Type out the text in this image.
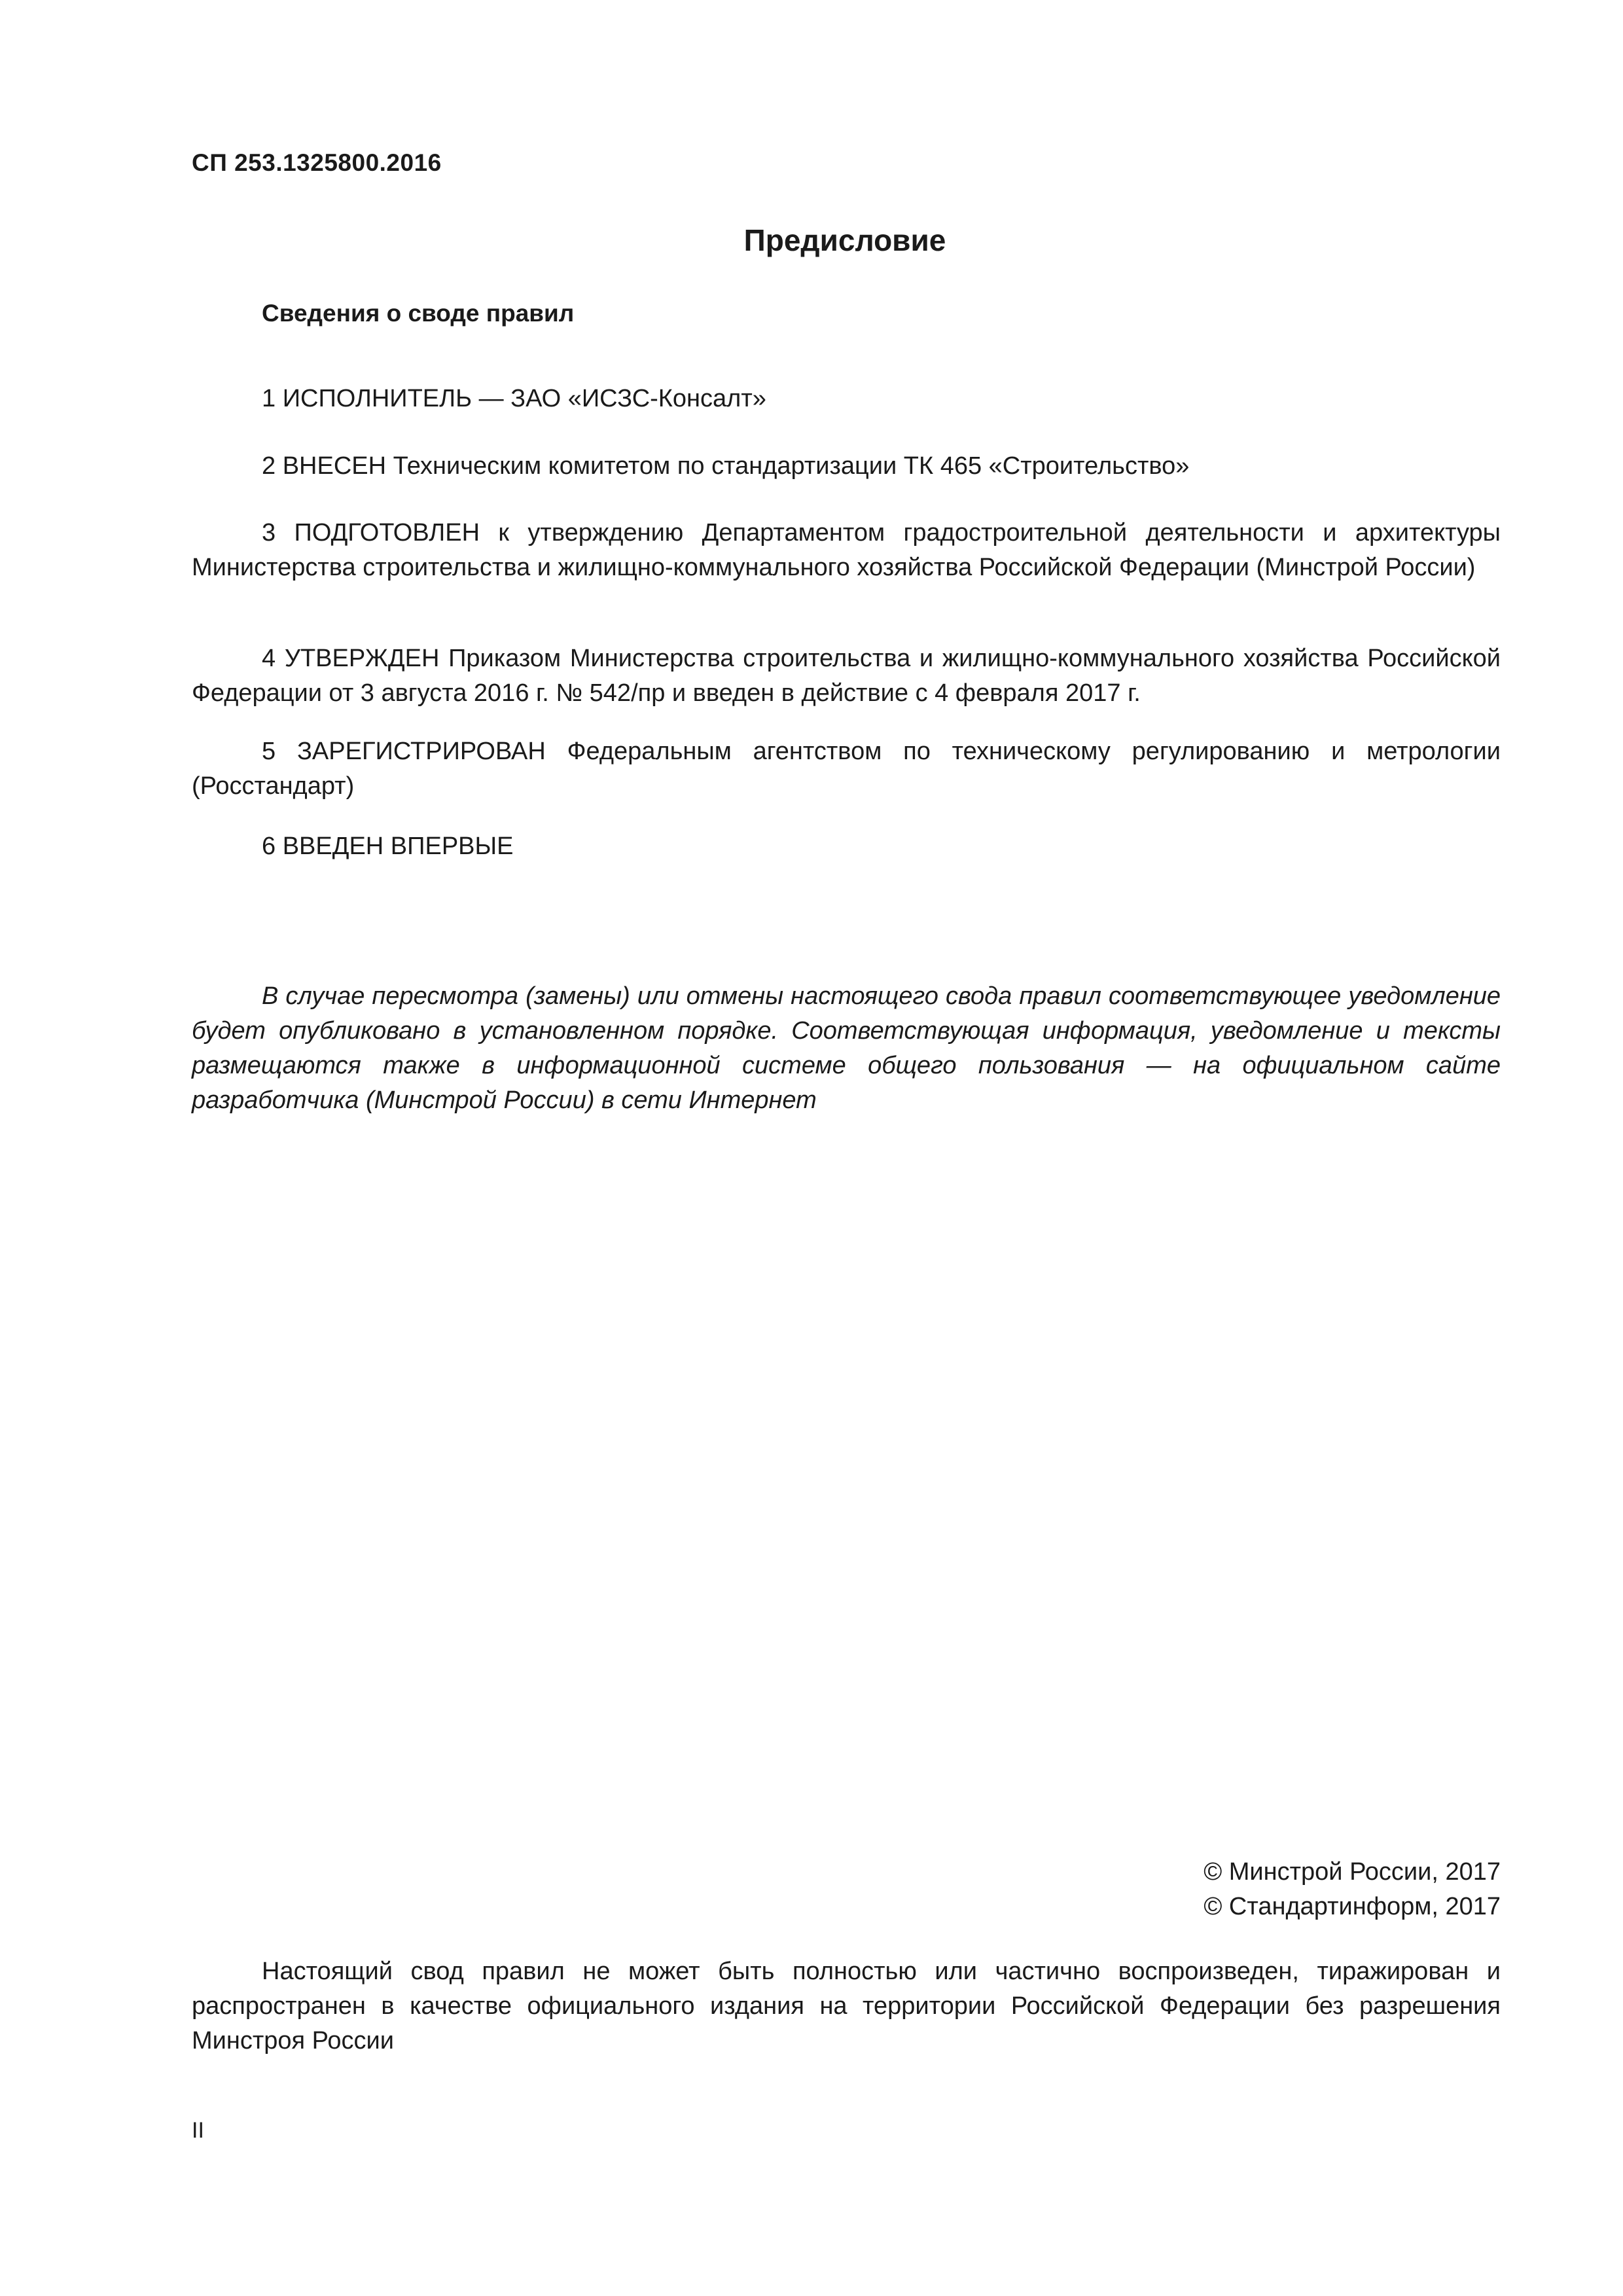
СП 253.1325800.2016
Предисловие
Сведения о своде правил

1 ИСПОЛНИТЕЛЬ — ЗАО «ИСЗС-Консалт»

2 ВНЕСЕН Техническим комитетом по стандартизации ТК 465 «Строительство»

3 ПОДГОТОВЛЕН к утверждению Департаментом градостроительной деятельности и архитектуры Министерства строительства и жилищно-коммунального хозяйства Российской Федерации (Минстрой России)

4 УТВЕРЖДЕН Приказом Министерства строительства и жилищно-коммунального хозяйства Российской Федерации от 3 августа 2016 г. № 542/пр и введен в действие с 4 февраля 2017 г.

5 ЗАРЕГИСТРИРОВАН Федеральным агентством по техническому регулированию и метрологии (Росстандарт)

6 ВВЕДЕН ВПЕРВЫЕ

В случае пересмотра (замены) или отмены настоящего свода правил соответствующее уведомление будет опубликовано в установленном порядке. Соответствующая информация, уведомление и тексты размещаются также в информационной системе общего пользования — на официальном сайте разработчика (Минстрой России) в сети Интернет

© Минстрой России, 2017
© Стандартинформ, 2017

Настоящий свод правил не может быть полностью или частично воспроизведен, тиражирован и распространен в качестве официального издания на территории Российской Федерации без разрешения Минстроя России

II
